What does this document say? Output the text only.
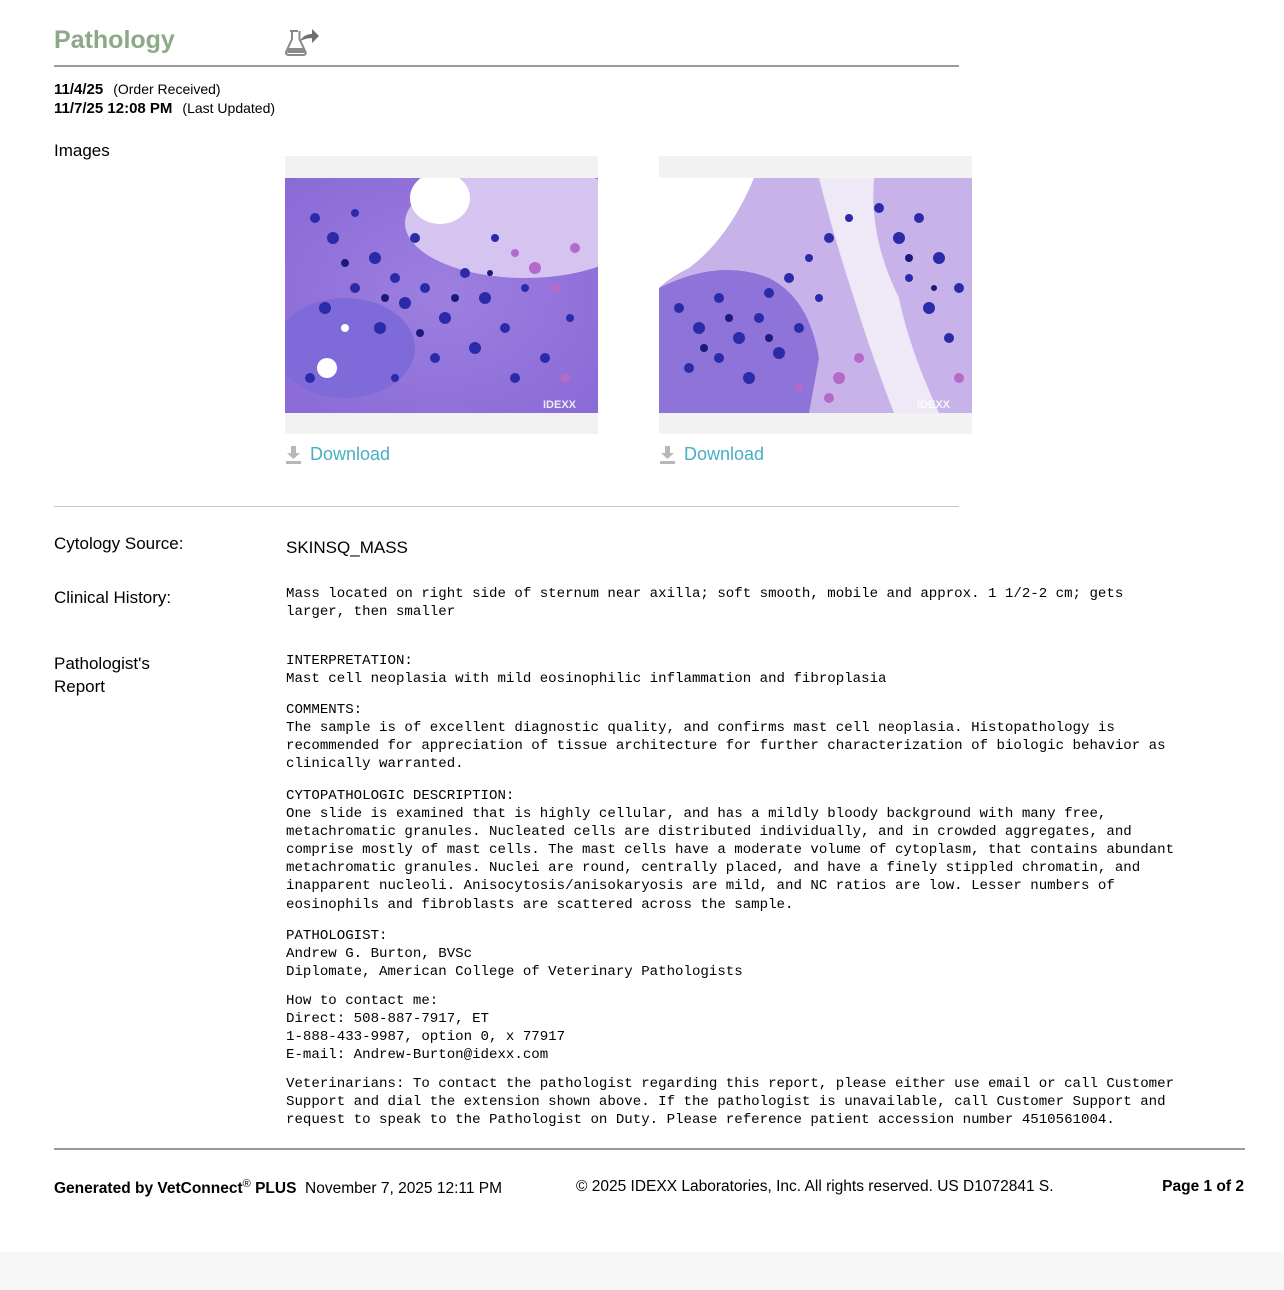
Pathology
11/4/25 (Order Received)
11/7/25 12:08 PM (Last Updated)
Images
IDEXX
Download
IDEXX
Download
Cytology Source:	SKINSQ_MASS
Clinical History:	Mass located on right side of sternum near axilla; soft smooth, mobile and approx. 1 1/2-2 cm; gets
larger, then smaller
Pathologist's
Report
INTERPRETATION:
Mast cell neoplasia with mild eosinophilic inflammation and fibroplasia
COMMENTS:
The sample is of excellent diagnostic quality, and confirms mast cell neoplasia. Histopathology is
recommended for appreciation of tissue architecture for further characterization of biologic behavior as
clinically warranted.
CYTOPATHOLOGIC DESCRIPTION:
One slide is examined that is highly cellular, and has a mildly bloody background with many free,
metachromatic granules. Nucleated cells are distributed individually, and in crowded aggregates, and
comprise mostly of mast cells. The mast cells have a moderate volume of cytoplasm, that contains abundant
metachromatic granules. Nuclei are round, centrally placed, and have a finely stippled chromatin, and
inapparent nucleoli. Anisocytosis/anisokaryosis are mild, and NC ratios are low. Lesser numbers of
eosinophils and fibroblasts are scattered across the sample.
PATHOLOGIST:
Andrew G. Burton, BVSc
Diplomate, American College of Veterinary Pathologists
How to contact me:
Direct: 508-887-7917, ET
1-888-433-9987, option 0, x 77917
E-mail: Andrew-Burton@idexx.com
Veterinarians: To contact the pathologist regarding this report, please either use email or call Customer
Support and dial the extension shown above. If the pathologist is unavailable, call Customer Support and
request to speak to the Pathologist on Duty. Please reference patient accession number 4510561004.
Generated by VetConnect® PLUS November 7, 2025 12:11 PM	© 2025 IDEXX Laboratories, Inc. All rights reserved. US D1072841 S.	Page 1 of 2
